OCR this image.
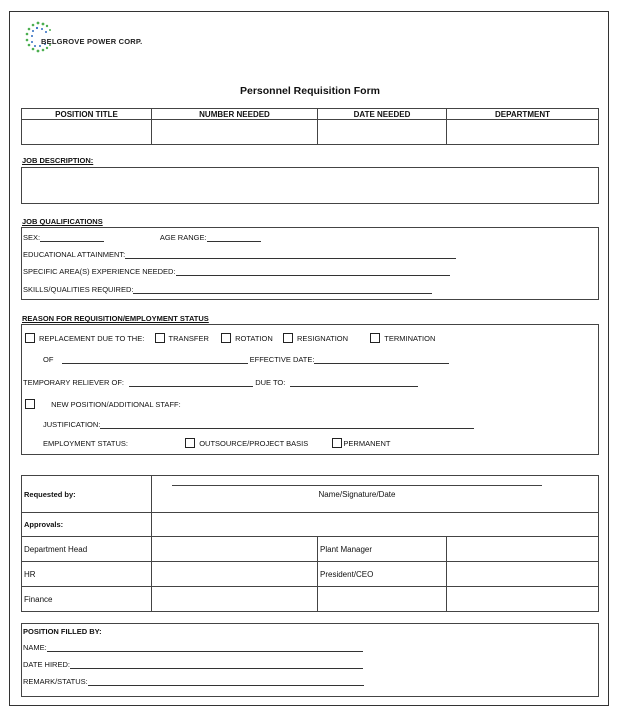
BELGROVE POWER CORP.
Personnel Requisition Form
POSITION TITLE	NUMBER NEEDED	DATE NEEDED	DEPARTMENT

JOB DESCRIPTION:
JOB QUALIFICATIONS
SEX:	AGE RANGE:
EDUCATIONAL ATTAINMENT:
SPECIFIC AREA(S) EXPERIENCE NEEDED:
SKILLS/QUALITIES REQUIRED:
REASON FOR REQUISITION/EMPLOYMENT STATUS
REPLACEMENT DUE TO THE:	TRANSFER	ROTATION	RESIGNATION	TERMINATION
OF	EFFECTIVE DATE:
TEMPORARY RELIEVER OF:	DUE TO:
NEW POSITION/ADDITIONAL STAFF:
JUSTIFICATION:
EMPLOYMENT STATUS:	OUTSOURCE/PROJECT BASIS	PERMANENT
Requested by:	Name/Signature/Date		

Approvals:			
Department Head		Plant Manager	
HR		President/CEO	
Finance			
POSITION FILLED BY:
NAME:
DATE HIRED:
REMARK/STATUS:
